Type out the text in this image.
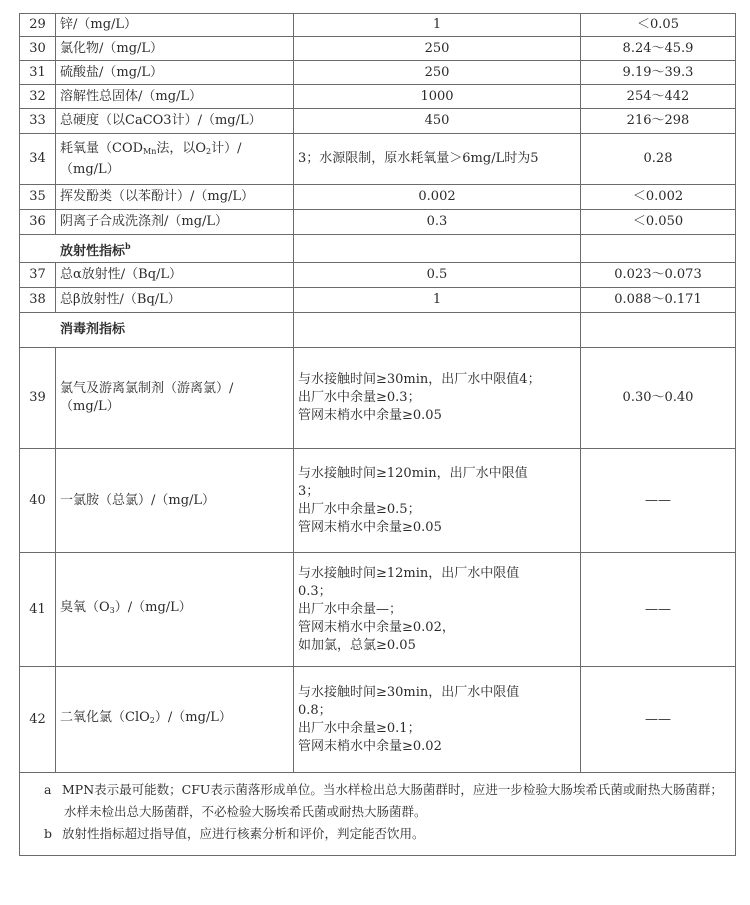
29	锌/（mg/L）	1	＜0.05
30	氯化物/（mg/L）	250	8.24～45.9
31	硫酸盐/（mg/L）	250	9.19～39.3
32	溶解性总固体/（mg/L）	1000	254～442
33	总硬度（以CaCO3计）/（mg/L）	450	216～298
34	耗氧量（$COD_{Mn}$法，以$O_2$计）/
（mg/L）	3；水源限制，原水耗氧量＞6mg/L时为5	0.28
35	挥发酚类（以苯酚计）/（mg/L）	0.002	＜0.002
36	阴离子合成洗涤剂/（mg/L）	0.3	＜0.050
放射性指标$^b$		
37	总α放射性/（Bq/L）	0.5	0.023～0.073
38	总β放射性/（Bq/L）	1	0.088～0.171
消毒剂指标			
39	氯气及游离氯制剂（游离氯）/
（mg/L）	与水接触时间≥30min，出厂水中限值4；
出厂水中余量≥0.3；
管网末梢水中余量≥0.05	0.30～0.40
40	一氯胺（总氯）/（mg/L）	与水接触时间≥120min，出厂水中限值
3；
出厂水中余量≥0.5；
管网末梢水中余量≥0.05	——
41	臭氧$(O_3)/(mg/L)$	与水接触时间≥12min，出厂水中限值
0.3；
出厂水中余量—；
管网末梢水中余量≥0.02，
如加氯，总氯≥0.05	——
42	二氧化氯（ClO$_2$）/（mg/L）	与水接触时间≥30min，出厂水中限值
0.8；
出厂水中余量≥0.1；
管网末梢水中余量≥0.02	——

a MPN表示最可能数；CFU表示菌落形成单位。当水样检出总大肠菌群时，应进一步检验大肠埃希氏菌或耐热大肠菌群；水样未检出总大肠菌群，不必检验大肠埃希氏菌或耐热大肠菌群。

b 放射性指标超过指导值，应进行核素分析和评价，判定能否饮用。			
